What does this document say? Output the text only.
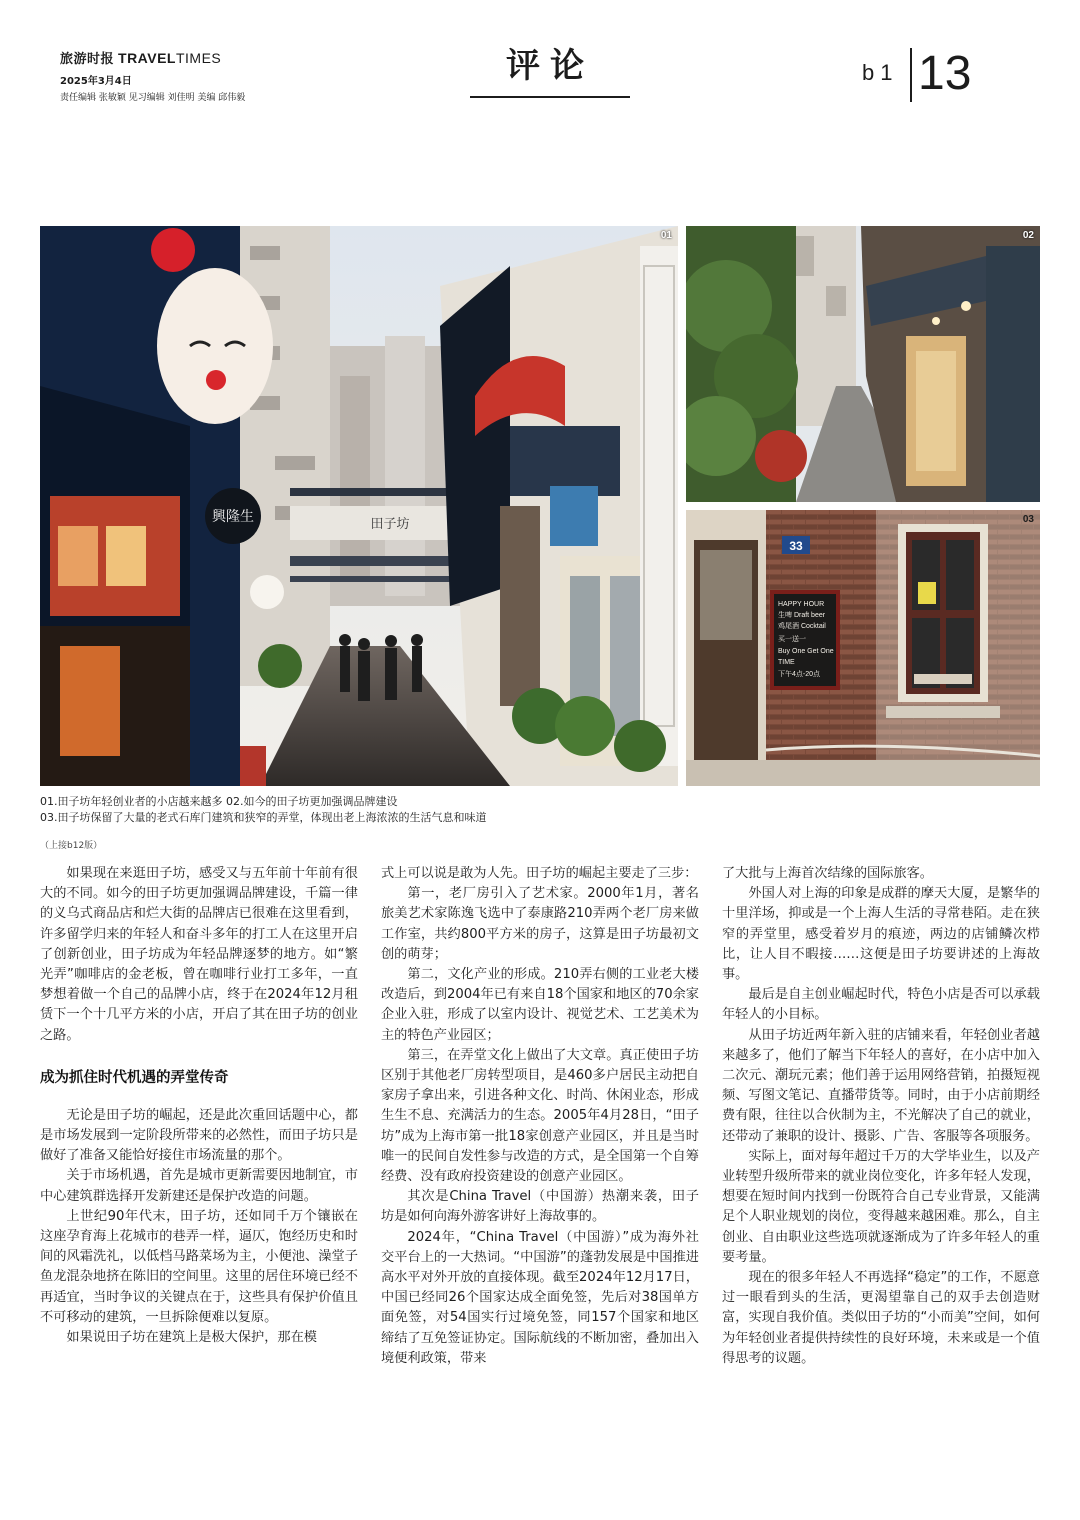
旅游时报 TRAVELTIMES
2025年3月4日
责任编辑 张敏颖 见习编辑 刘佳明 美编 邱伟毅
评论	b1 13
興隆生	田子坊
01	02
33
HAPPY HOUR
生啤 Draft beer
鸡尾酒 Cocktail
买一送一
Buy One Get One
TIME
下午4点-20点
03
01.田子坊年轻创业者的小店越来越多 02.如今的田子坊更加强调品牌建设
03.田子坊保留了大量的老式石库门建筑和狭窄的弄堂，体现出老上海浓浓的生活气息和味道
（上接b12版）

如果现在来逛田子坊，感受又与五年前十年前有很大的不同。如今的田子坊更加强调品牌建设，千篇一律的义乌式商品店和烂大街的品牌店已很难在这里看到，许多留学归来的年轻人和奋斗多年的打工人在这里开启了创新创业，田子坊成为年轻品牌逐梦的地方。如“繁光弄”咖啡店的金老板，曾在咖啡行业打工多年，一直梦想着做一个自己的品牌小店，终于在2024年12月租赁下一个十几平方米的小店，开启了其在田子坊的创业之路。

成为抓住时代机遇的弄堂传奇

无论是田子坊的崛起，还是此次重回话题中心，都是市场发展到一定阶段所带来的必然性，而田子坊只是做好了准备又能恰好接住市场流量的那个。

关于市场机遇，首先是城市更新需要因地制宜，市中心建筑群选择开发新建还是保护改造的问题。

上世纪90年代末，田子坊，还如同千万个镶嵌在这座孕育海上花城市的巷弄一样，逼仄，饱经历史和时间的风霜洗礼，以低档马路菜场为主，小便池、澡堂子鱼龙混杂地挤在陈旧的空间里。这里的居住环境已经不再适宜，当时争议的关键点在于，这些具有保护价值且不可移动的建筑，一旦拆除便难以复原。

如果说田子坊在建筑上是极大保护，那在模

式上可以说是敢为人先。田子坊的崛起主要走了三步：

第一，老厂房引入了艺术家。2000年1月，著名旅美艺术家陈逸飞选中了泰康路210弄两个老厂房来做工作室，共约800平方米的房子，这算是田子坊最初文创的萌芽；

第二，文化产业的形成。210弄右侧的工业老大楼改造后，到2004年已有来自18个国家和地区的70余家企业入驻，形成了以室内设计、视觉艺术、工艺美术为主的特色产业园区；

第三，在弄堂文化上做出了大文章。真正使田子坊区别于其他老厂房转型项目，是460多户居民主动把自家房子拿出来，引进各种文化、时尚、休闲业态，形成生生不息、充满活力的生态。2005年4月28日，“田子坊”成为上海市第一批18家创意产业园区，并且是当时唯一的民间自发性参与改造的方式，是全国第一个自筹经费、没有政府投资建设的创意产业园区。

其次是China Travel（中国游）热潮来袭，田子坊是如何向海外游客讲好上海故事的。

2024年，“China Travel（中国游）”成为海外社交平台上的一大热词。“中国游”的蓬勃发展是中国推进高水平对外开放的直接体现。截至2024年12月17日，中国已经同26个国家达成全面免签，先后对38国单方面免签，对54国实行过境免签，同157个国家和地区缔结了互免签证协定。国际航线的不断加密，叠加出入境便利政策，带来

了大批与上海首次结缘的国际旅客。

外国人对上海的印象是成群的摩天大厦，是繁华的十里洋场，抑或是一个上海人生活的寻常巷陌。走在狭窄的弄堂里，感受着岁月的痕迹，两边的店铺鳞次栉比，让人目不暇接……这便是田子坊要讲述的上海故事。

最后是自主创业崛起时代，特色小店是否可以承载年轻人的小目标。

从田子坊近两年新入驻的店铺来看，年轻创业者越来越多了，他们了解当下年轻人的喜好，在小店中加入二次元、潮玩元素；他们善于运用网络营销，拍摄短视频、写图文笔记、直播带货等。同时，由于小店前期经费有限，往往以合伙制为主，不光解决了自己的就业，还带动了兼职的设计、摄影、广告、客服等各项服务。

实际上，面对每年超过千万的大学毕业生，以及产业转型升级所带来的就业岗位变化，许多年轻人发现，想要在短时间内找到一份既符合自己专业背景，又能满足个人职业规划的岗位，变得越来越困难。那么，自主创业、自由职业这些选项就逐渐成为了许多年轻人的重要考量。

现在的很多年轻人不再选择“稳定”的工作，不愿意过一眼看到头的生活，更渴望靠自己的双手去创造财富，实现自我价值。类似田子坊的“小而美”空间，如何为年轻创业者提供持续性的良好环境，未来或是一个值得思考的议题。
